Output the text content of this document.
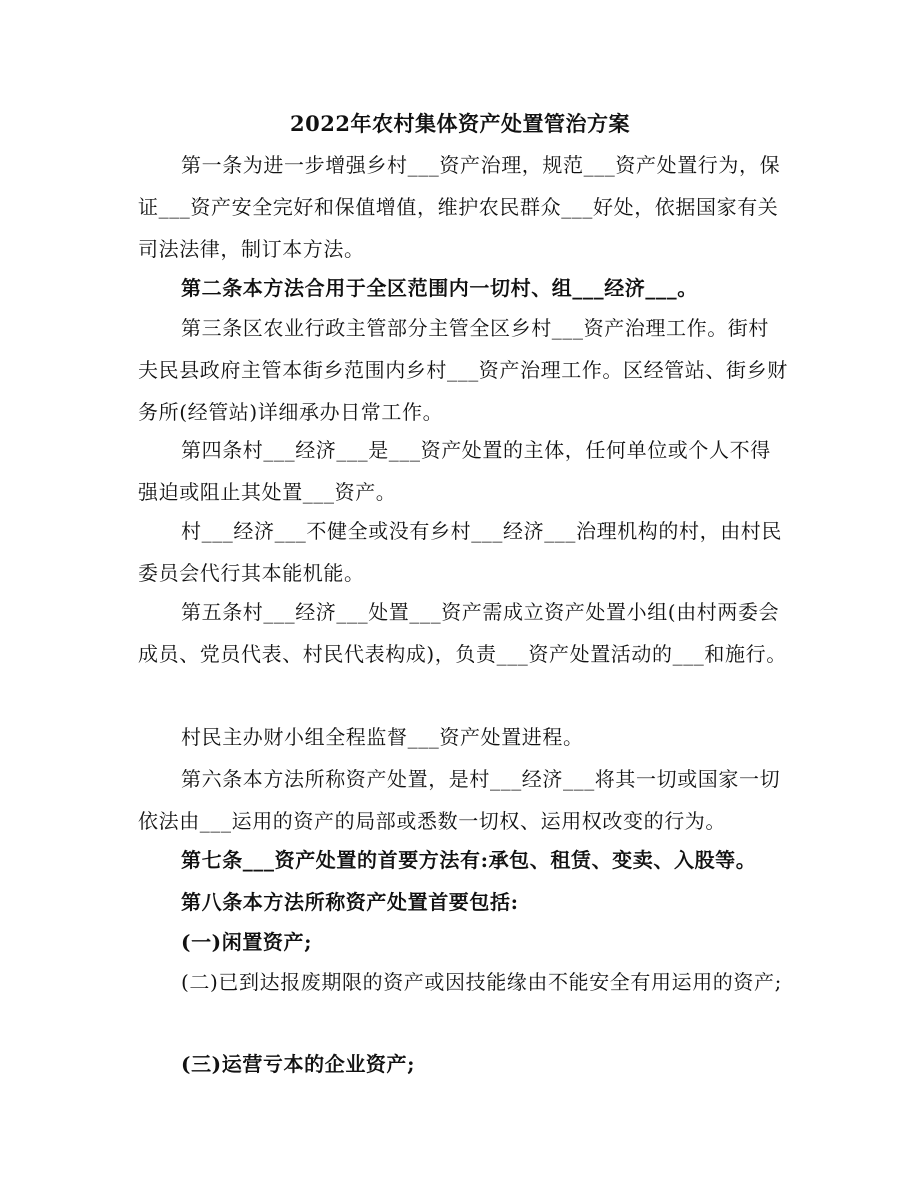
2022年农村集体资产处置管治方案

第一条为进一步增强乡村___资产治理，规范___资产处置行为，保证___资产安全完好和保值增值，维护农民群众___好处，依据国家有关司法法律，制订本方法。

第二条本方法合用于全区范围内一切村、组___经济___。

第三条区农业行政主管部分主管全区乡村___资产治理工作。街村夫民县政府主管本街乡范围内乡村___资产治理工作。区经管站、街乡财务所(经管站)详细承办日常工作。

第四条村___经济___是___资产处置的主体，任何单位或个人不得强迫或阻止其处置___资产。

村___经济___不健全或没有乡村___经济___治理机构的村，由村民委员会代行其本能机能。

第五条村___经济___处置___资产需成立资产处置小组(由村两委会成员、党员代表、村民代表构成)，负责___资产处置活动的___和施行。

村民主办财小组全程监督___资产处置进程。

第六条本方法所称资产处置，是村___经济___将其一切或国家一切依法由___运用的资产的局部或悉数一切权、运用权改变的行为。

第七条___资产处置的首要方法有:承包、租赁、变卖、入股等。

第八条本方法所称资产处置首要包括:

(一)闲置资产;

(二)已到达报废期限的资产或因技能缘由不能安全有用运用的资产;

(三)运营亏本的企业资产;
